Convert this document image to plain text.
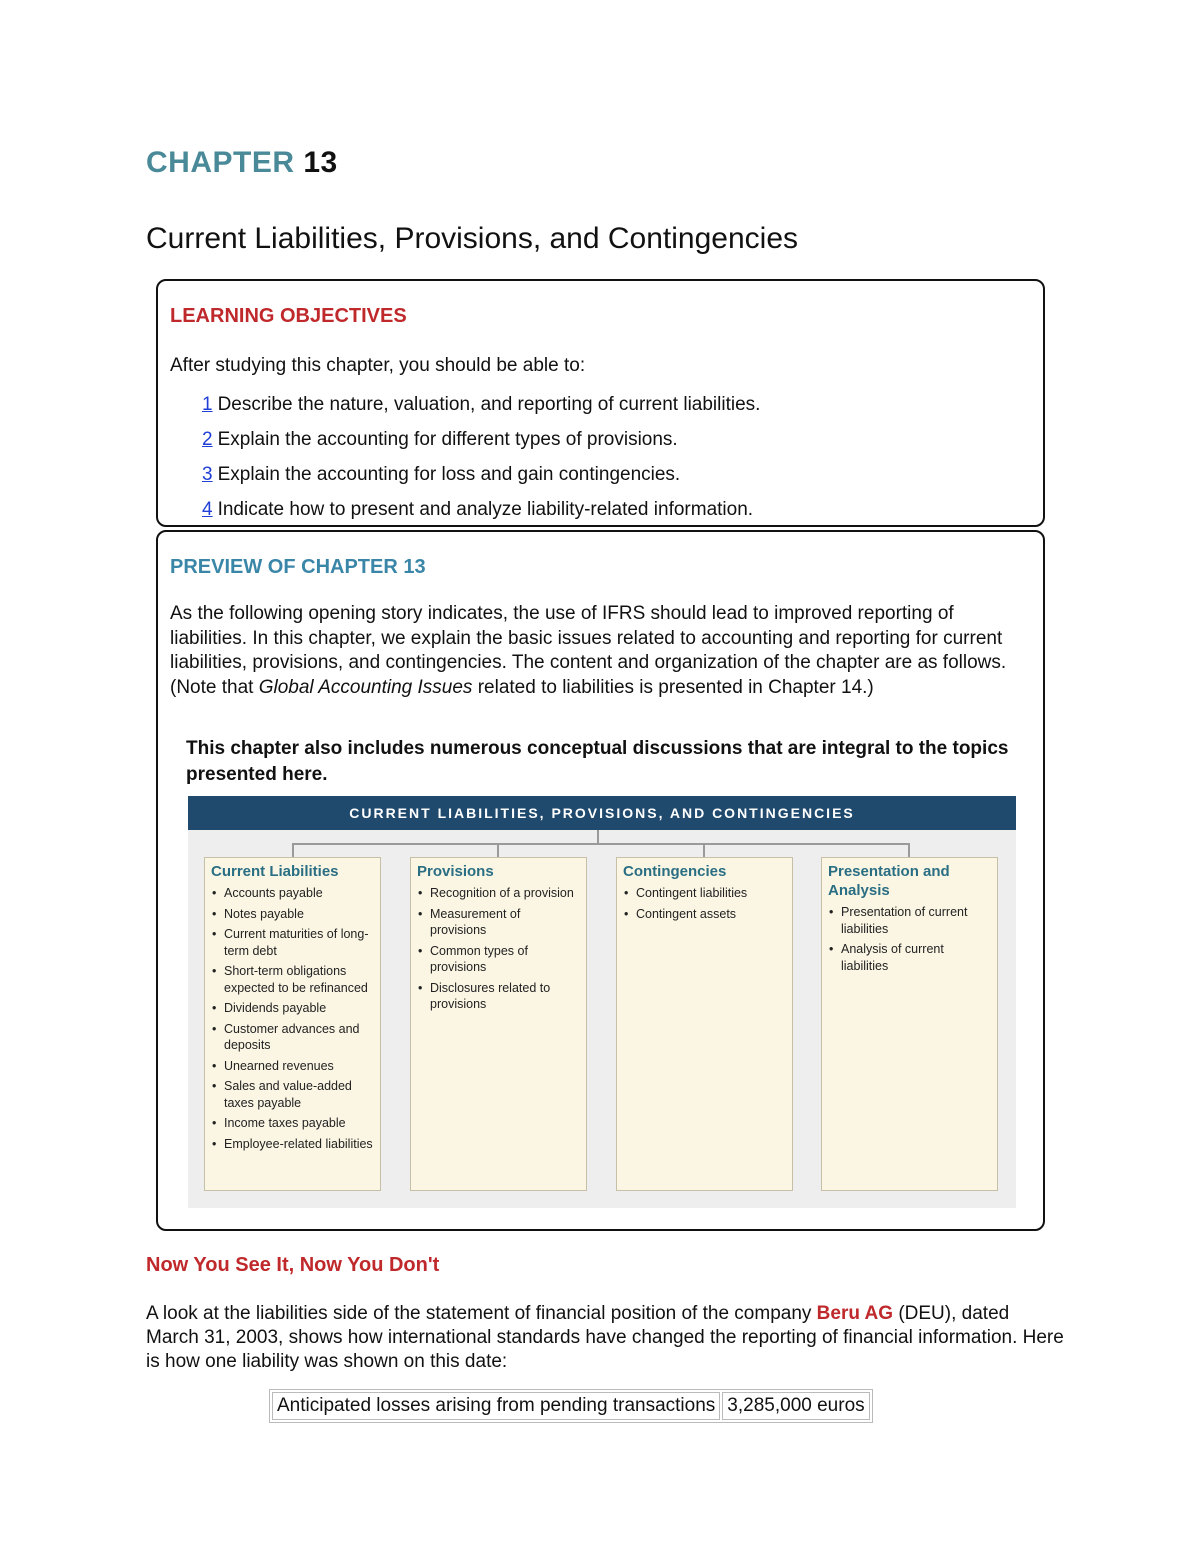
CHAPTER 13
Current Liabilities, Provisions, and Contingencies
LEARNING OBJECTIVES
After studying this chapter, you should be able to:
1 Describe the nature, valuation, and reporting of current liabilities.
2 Explain the accounting for different types of provisions.
3 Explain the accounting for loss and gain contingencies.
4 Indicate how to present and analyze liability-related information.
PREVIEW OF CHAPTER 13
As the following opening story indicates, the use of IFRS should lead to improved reporting of liabilities. In this chapter, we explain the basic issues related to accounting and reporting for current liabilities, provisions, and contingencies. The content and organization of the chapter are as follows. (Note that Global Accounting Issues related to liabilities is presented in Chapter 14.)
This chapter also includes numerous conceptual discussions that are integral to the topics presented here.
CURRENT LIABILITIES, PROVISIONS, AND CONTINGENCIES
Current Liabilities
• Accounts payable
• Notes payable
• Current maturities of long-term debt
• Short-term obligations expected to be refinanced
• Dividends payable
• Customer advances and deposits
• Unearned revenues
• Sales and value-added taxes payable
• Income taxes payable
• Employee-related liabilities
Provisions
• Recognition of a provision
• Measurement of provisions
• Common types of provisions
• Disclosures related to provisions
Contingencies
• Contingent liabilities
• Contingent assets
Presentation and Analysis
• Presentation of current liabilities
• Analysis of current liabilities
Now You See It, Now You Don't
A look at the liabilities side of the statement of financial position of the company Beru AG (DEU), dated March 31, 2003, shows how international standards have changed the reporting of financial information. Here is how one liability was shown on this date:
Anticipated losses arising from pending transactions	3,285,000 euros
